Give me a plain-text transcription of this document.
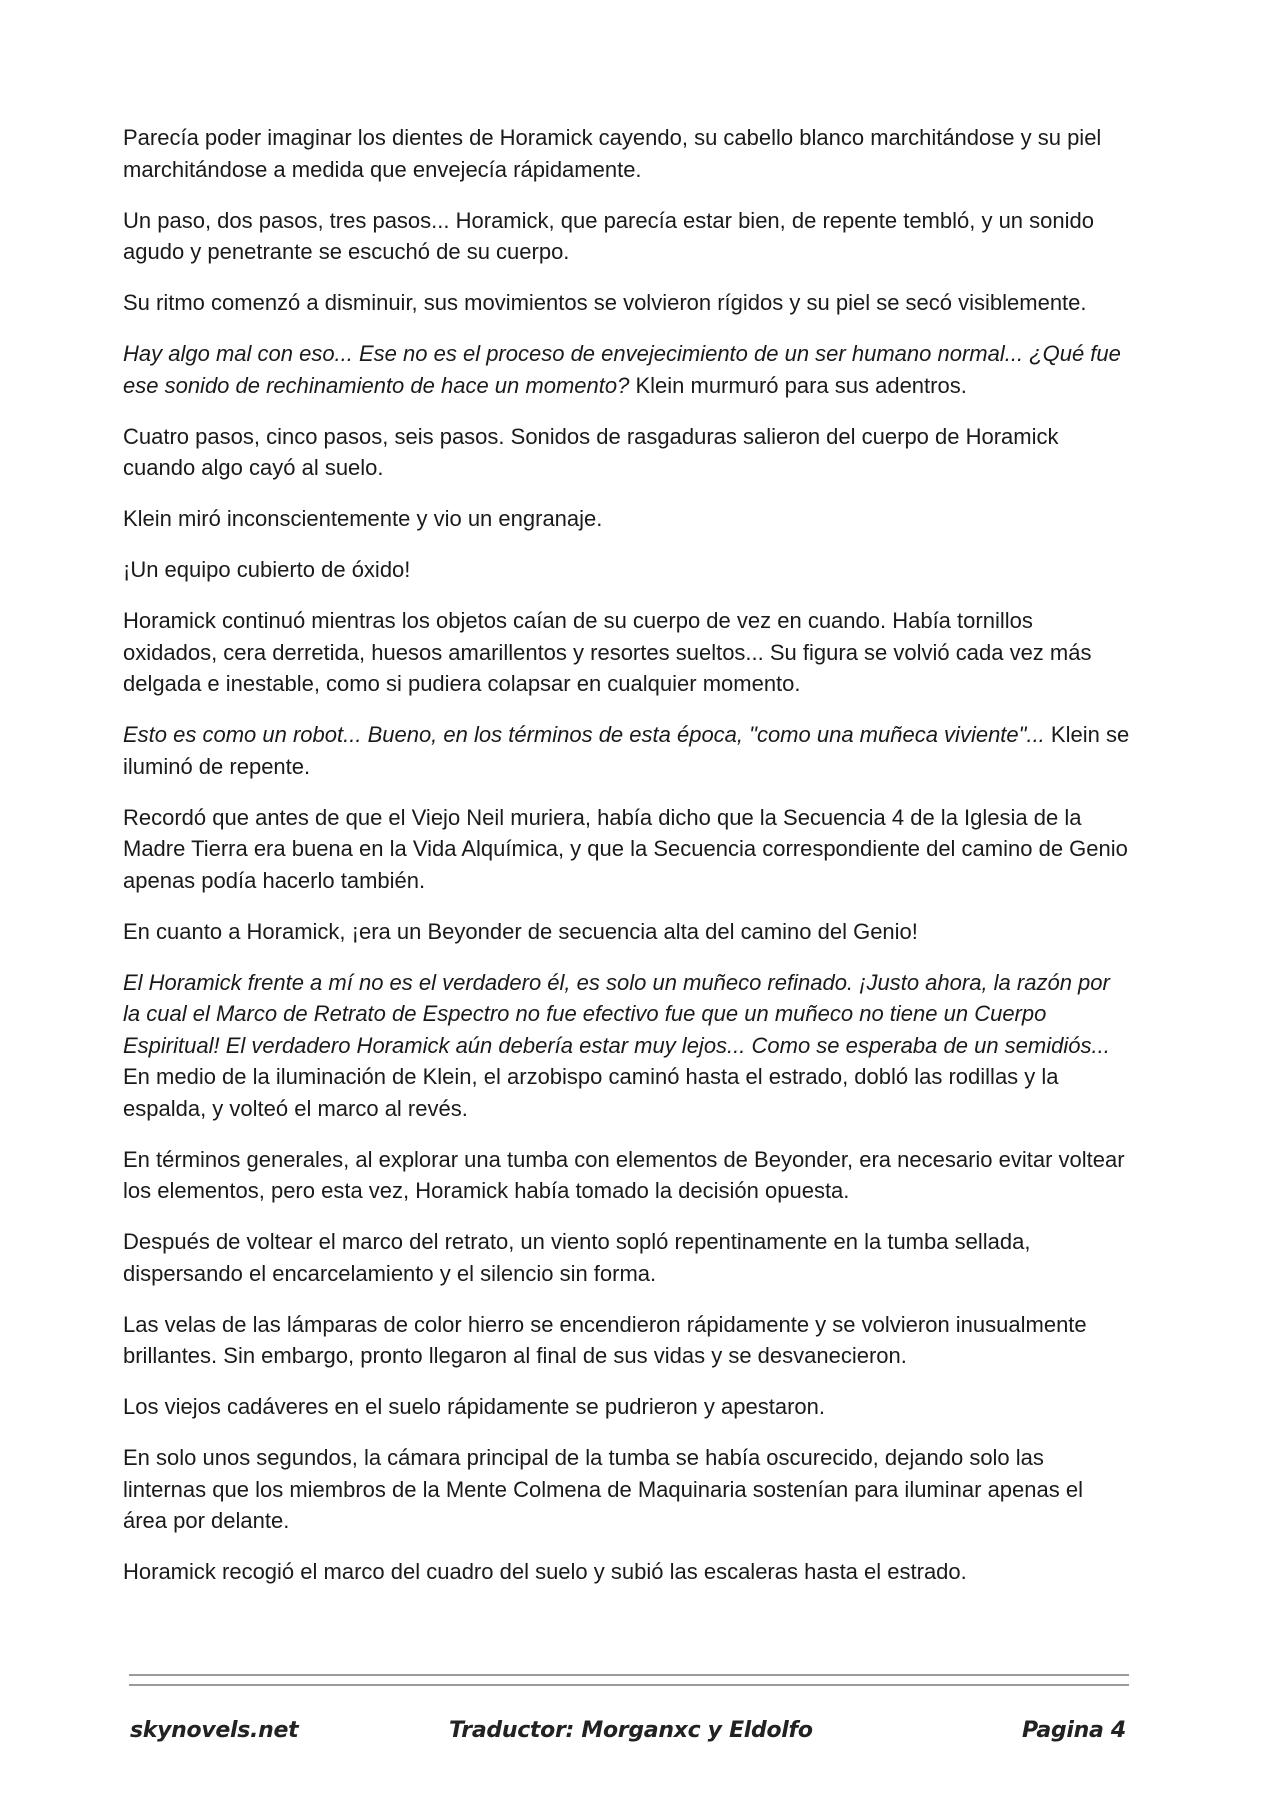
Parecía poder imaginar los dientes de Horamick cayendo, su cabello blanco marchitándose y su piel marchitándose a medida que envejecía rápidamente.

Un paso, dos pasos, tres pasos... Horamick, que parecía estar bien, de repente tembló, y un sonido agudo y penetrante se escuchó de su cuerpo.

Su ritmo comenzó a disminuir, sus movimientos se volvieron rígidos y su piel se secó visiblemente.

Hay algo mal con eso... Ese no es el proceso de envejecimiento de un ser humano normal... ¿Qué fue ese sonido de rechinamiento de hace un momento? Klein murmuró para sus adentros.

Cuatro pasos, cinco pasos, seis pasos. Sonidos de rasgaduras salieron del cuerpo de Horamick cuando algo cayó al suelo.

Klein miró inconscientemente y vio un engranaje.

¡Un equipo cubierto de óxido!

Horamick continuó mientras los objetos caían de su cuerpo de vez en cuando. Había tornillos oxidados, cera derretida, huesos amarillentos y resortes sueltos... Su figura se volvió cada vez más delgada e inestable, como si pudiera colapsar en cualquier momento.

Esto es como un robot... Bueno, en los términos de esta época, "como una muñeca viviente"... Klein se iluminó de repente.

Recordó que antes de que el Viejo Neil muriera, había dicho que la Secuencia 4 de la Iglesia de la Madre Tierra era buena en la Vida Alquímica, y que la Secuencia correspondiente del camino de Genio apenas podía hacerlo también.

En cuanto a Horamick, ¡era un Beyonder de secuencia alta del camino del Genio!

El Horamick frente a mí no es el verdadero él, es solo un muñeco refinado. ¡Justo ahora, la razón por la cual el Marco de Retrato de Espectro no fue efectivo fue que un muñeco no tiene un Cuerpo Espiritual! El verdadero Horamick aún debería estar muy lejos... Como se esperaba de un semidiós... En medio de la iluminación de Klein, el arzobispo caminó hasta el estrado, dobló las rodillas y la espalda, y volteó el marco al revés.

En términos generales, al explorar una tumba con elementos de Beyonder, era necesario evitar voltear los elementos, pero esta vez, Horamick había tomado la decisión opuesta.

Después de voltear el marco del retrato, un viento sopló repentinamente en la tumba sellada, dispersando el encarcelamiento y el silencio sin forma.

Las velas de las lámparas de color hierro se encendieron rápidamente y se volvieron inusualmente brillantes. Sin embargo, pronto llegaron al final de sus vidas y se desvanecieron.

Los viejos cadáveres en el suelo rápidamente se pudrieron y apestaron.

En solo unos segundos, la cámara principal de la tumba se había oscurecido, dejando solo las linternas que los miembros de la Mente Colmena de Maquinaria sostenían para iluminar apenas el área por delante.

Horamick recogió el marco del cuadro del suelo y subió las escaleras hasta el estrado.

skynovels.net	Traductor: Morganxc y Eldolfo	Pagina 4
